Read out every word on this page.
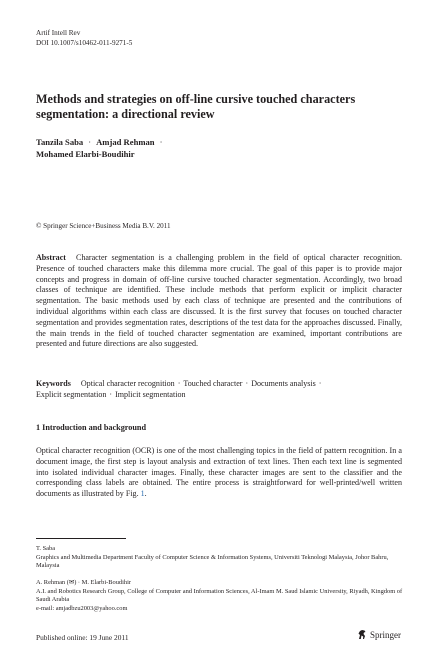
Artif Intell Rev
DOI 10.1007/s10462-011-9271-5
Methods and strategies on off-line cursive touched characters segmentation: a directional review
Tanzila Saba · Amjad Rehman ·
Mohamed Elarbi-Boudihir
© Springer Science+Business Media B.V. 2011
Abstract Character segmentation is a challenging problem in the field of optical character recognition. Presence of touched characters make this dilemma more crucial. The goal of this paper is to provide major concepts and progress in domain of off-line cursive touched character segmentation. Accordingly, two broad classes of technique are identified. These include methods that perform explicit or implicit character segmentation. The basic methods used by each class of technique are presented and the contributions of individual algorithms within each class are discussed. It is the first survey that focuses on touched character segmentation and provides segmentation rates, descriptions of the test data for the approaches discussed. Finally, the main trends in the field of touched character segmentation are examined, important contributions are presented and future directions are also suggested.
Keywords Optical character recognition · Touched character · Documents analysis ·
Explicit segmentation · Implicit segmentation
1 Introduction and background
Optical character recognition (OCR) is one of the most challenging topics in the field of pattern recognition. In a document image, the first step is layout analysis and extraction of text lines. Then each text line is segmented into isolated individual character images. Finally, these character images are sent to the classifier and the corresponding class labels are obtained. The entire process is straightforward for well-printed/well written documents as illustrated by Fig. 1.
T. Saba
Graphics and Multimedia Department Faculty of Computer Science & Information Systems, Universiti Teknologi Malaysia, Johor Bahru, Malaysia
A. Rehman (✉) · M. Elarbi-Boudihir
A.I. and Robotics Research Group, College of Computer and Information Sciences, Al-Imam M. Saud Islamic University, Riyadh, Kingdom of Saudi Arabia
e-mail: amjadbzu2003@yahoo.com
Published online: 19 June 2011	Springer
